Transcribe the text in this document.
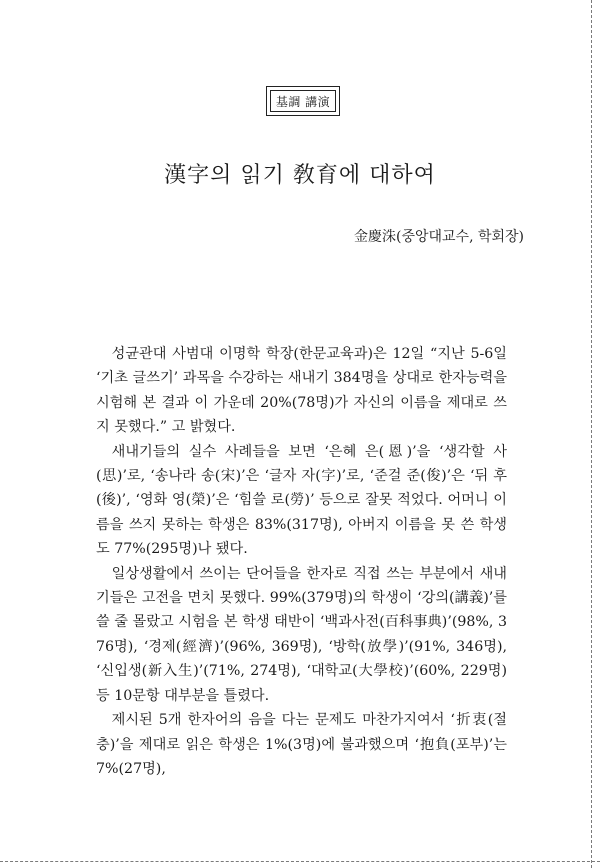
基調 講演
漢字의 읽기 敎育에 대하여
金慶洙(중앙대교수, 학회장)

성균관대 사범대 이명학 학장(한문교육과)은 12일 “지난 5-6일 ‘기초 글쓰기’ 과목을 수강하는 새내기 384명을 상대로 한자능력을 시험해 본 결과 이 가운데 20%(78명)가 자신의 이름을 제대로 쓰지 못했다.” 고 밝혔다.

새내기들의 실수 사례들을 보면 ‘은혜 은(恩)’을 ‘생각할 사(思)’로, ‘송나라 송(宋)’은 ‘글자 자(字)’로, ‘준걸 준(俊)’은 ‘뒤 후(後)’, ‘영화 영(榮)’은 ‘힘쓸 로(勞)’ 등으로 잘못 적었다. 어머니 이름을 쓰지 못하는 학생은 83%(317명), 아버지 이름을 못 쓴 학생도 77%(295명)나 됐다.

일상생활에서 쓰이는 단어들을 한자로 직접 쓰는 부분에서 새내기들은 고전을 면치 못했다. 99%(379명)의 학생이 ‘강의(講義)’를 쓸 줄 몰랐고 시험을 본 학생 태반이 ‘백과사전(百科事典)’(98%, 376명), ‘경제(經濟)’(96%, 369명), ‘방학(放學)’(91%, 346명), ‘신입생(新入生)’(71%, 274명), ‘대학교(大學校)’(60%, 229명) 등 10문항 대부분을 틀렸다.

제시된 5개 한자어의 음을 다는 문제도 마찬가지여서 ‘折衷(절충)’을 제대로 읽은 학생은 1%(3명)에 불과했으며 ‘抱負(포부)’는 7%(27명),
